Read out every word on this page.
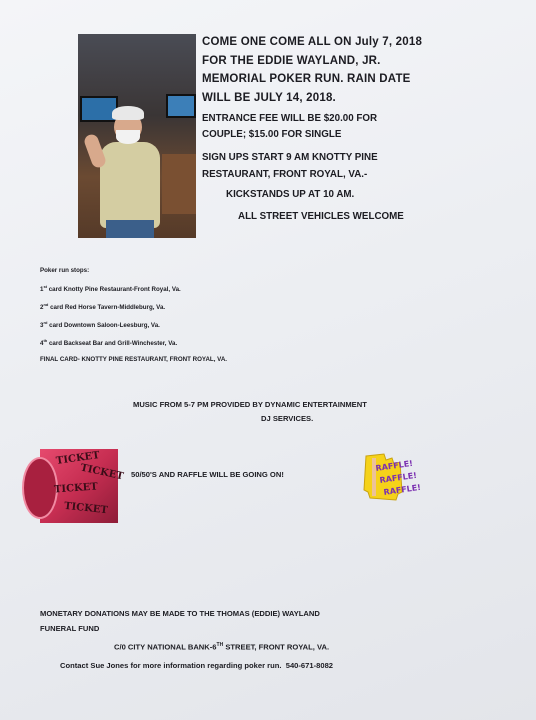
COME ONE COME ALL ON July 7, 2018
FOR THE EDDIE WAYLAND, JR.
MEMORIAL POKER RUN. RAIN DATE
WILL BE JULY 14, 2018.
ENTRANCE FEE WILL BE $20.00 FOR
COUPLE; $15.00 FOR SINGLE
SIGN UPS START 9 AM KNOTTY PINE
RESTAURANT, FRONT ROYAL, VA.-
KICKSTANDS UP AT 10 AM.
ALL STREET VEHICLES WELCOME
Poker run stops:
1st card Knotty Pine Restaurant-Front Royal, Va.
2nd card Red Horse Tavern-Middleburg, Va.
3rd card Downtown Saloon-Leesburg, Va.
4th card Backseat Bar and Grill-Winchester, Va.
FINAL CARD- KNOTTY PINE RESTAURANT, FRONT ROYAL, VA.
MUSIC FROM 5-7 PM PROVIDED BY DYNAMIC ENTERTAINMENT
DJ SERVICES.
TICKET
TICKET
TICKET
TICKET
50/50'S AND RAFFLE WILL BE GOING ON!
RAFFLE!
RAFFLE!
RAFFLE!
MONETARY DONATIONS MAY BE MADE TO THE THOMAS (EDDIE) WAYLAND
FUNERAL FUND
C/0 CITY NATIONAL BANK-6TH STREET, FRONT ROYAL, VA.
Contact Sue Jones for more information regarding poker run.  540-671-8082
